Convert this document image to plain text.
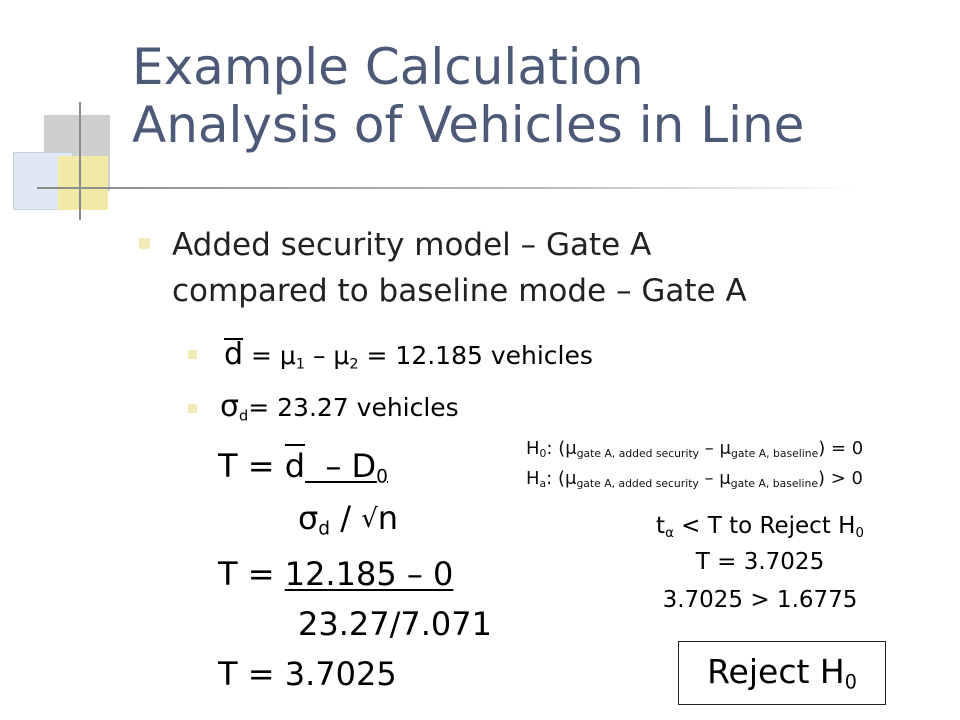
Example Calculation
Analysis of Vehicles in Line
Added security model – Gate A
compared to baseline mode – Gate A
$d = \mu_1 - \mu_2 = 12.185$ vehicles
$\sigma_d= 23.27$ vehicles
$T = d - D_0$
$\sigma_d / √n$
T = 12.185 – 0
23.27/7.071
T = 3.7025
$H_0$: $(\mu_{gate A, added security} - \mu_{gate A, baseline}) = 0$
$H_a$: $(\mu_{gate A, added security} - \mu_{gate A, baseline}) > 0$
$t_\alpha < T$ to Reject $H_0$
T = 3.7025
3.7025 > 1.6775
Reject $H_0$
